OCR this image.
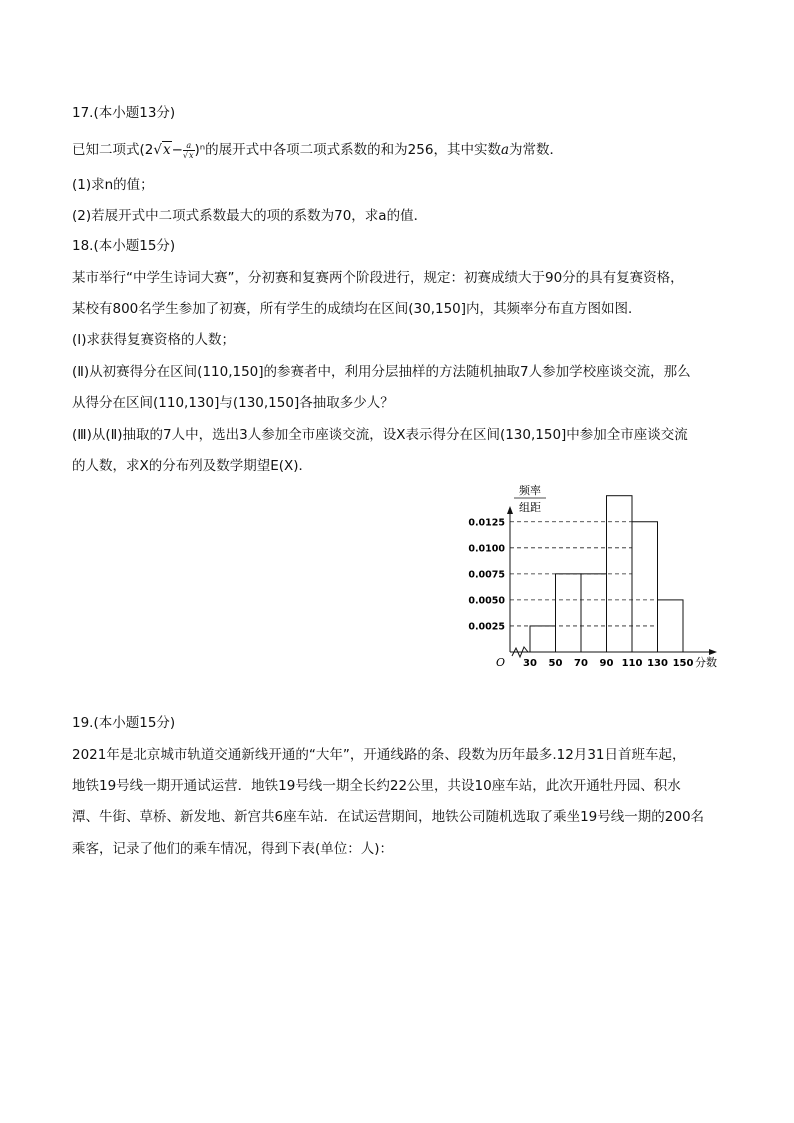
17.(本小题13分)
已知二项式$(2√x- \frac{a}{√x} )^n$的展开式中各项二项式系数的和为256，其中实数a为常数．
(1)求n的值；
(2)若展开式中二项式系数最大的项的系数为70，求a的值．
18.(本小题15分)
某市举行“中学生诗词大赛”，分初赛和复赛两个阶段进行，规定：初赛成绩大于90分的具有复赛资格，
某校有800名学生参加了初赛，所有学生的成绩均在区间(30,150]内，其频率分布直方图如图．
(Ⅰ)求获得复赛资格的人数；
(Ⅱ)从初赛得分在区间(110,150]的参赛者中，利用分层抽样的方法随机抽取7人参加学校座谈交流，那么
从得分在区间(110,130]与(130,150]各抽取多少人？
(Ⅲ)从(Ⅱ)抽取的7人中，选出3人参加全市座谈交流，设X表示得分在区间(130,150]中参加全市座谈交流
的人数，求X的分布列及数学期望E(X)．
0.0025
0.0050
0.0075
0.0100
0.0125
30 50 70 90 110 130 150 分数
O
频率
组距
19.(本小题15分)
2021年是北京城市轨道交通新线开通的“大年”，开通线路的条、段数为历年最多.12月31日首班车起，
地铁19号线一期开通试运营．地铁19号线一期全长约22公里，共设10座车站，此次开通牡丹园、积水
潭、牛街、草桥、新发地、新宫共6座车站．在试运营期间，地铁公司随机选取了乘坐19号线一期的200名
乘客，记录了他们的乘车情况，得到下表(单位：人)：
